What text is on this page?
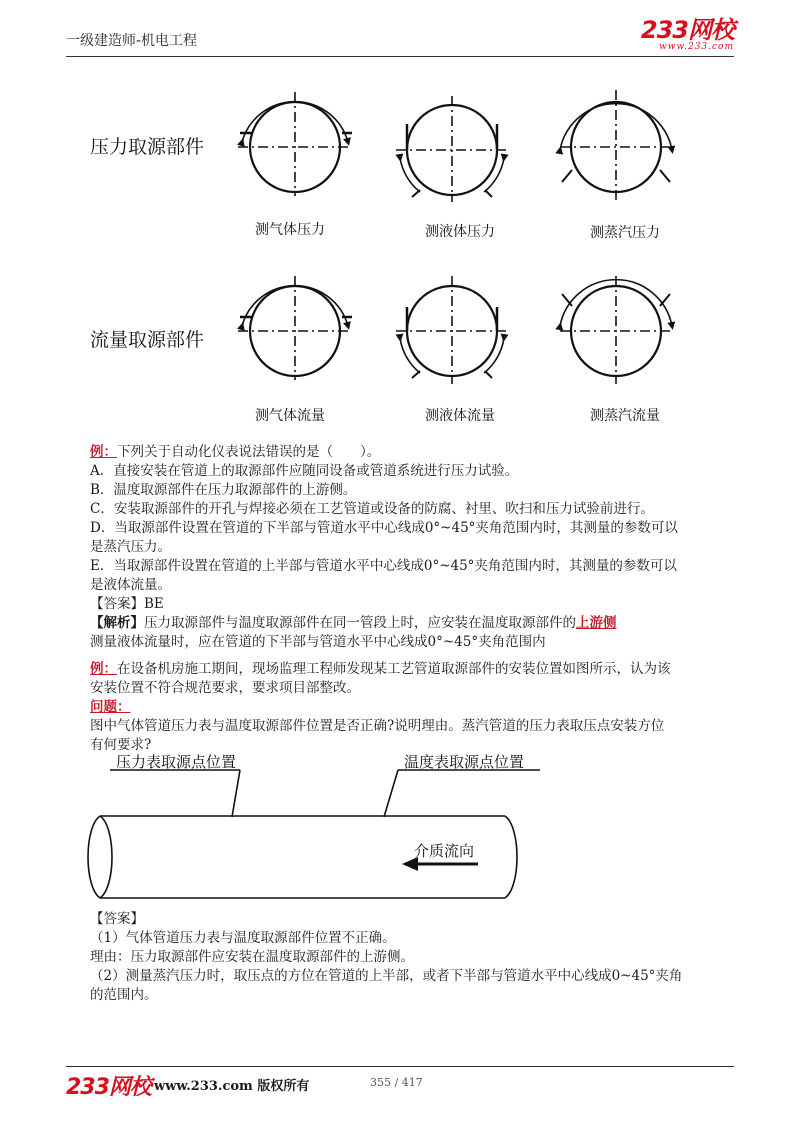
一级建造师-机电工程	233网校
www.233.com
压力取源部件
流量取源部件
测气体压力	测液体压力	测蒸汽压力
测气体流量	测液体流量	测蒸汽流量
例：下列关于自动化仪表说法错误的是（　　）。
A．直接安装在管道上的取源部件应随同设备或管道系统进行压力试验。
B．温度取源部件在压力取源部件的上游侧。
C．安装取源部件的开孔与焊接必须在工艺管道或设备的防腐、衬里、吹扫和压力试验前进行。
D．当取源部件设置在管道的下半部与管道水平中心线成0°~45°夹角范围内时，其测量的参数可以
是蒸汽压力。
E．当取源部件设置在管道的上半部与管道水平中心线成0°~45°夹角范围内时，其测量的参数可以
是液体流量。
【答案】BE
【解析】压力取源部件与温度取源部件在同一管段上时，应安装在温度取源部件的上游侧
测量液体流量时，应在管道的下半部与管道水平中心线成0°~45°夹角范围内
例：在设备机房施工期间，现场监理工程师发现某工艺管道取源部件的安装位置如图所示，认为该
安装位置不符合规范要求，要求项目部整改。
问题：
图中气体管道压力表与温度取源部件位置是否正确?说明理由。蒸汽管道的压力表取压点安装方位
有何要求?
压力表取源点位置	温度表取源点位置
介质流向
【答案】
（1）气体管道压力表与温度取源部件位置不正确。
理由：压力取源部件应安装在温度取源部件的上游侧。
（2）测量蒸汽压力时，取压点的方位在管道的上半部，或者下半部与管道水平中心线成0~45°夹角
的范围内。
233网校 www.233.com 版权所有	355 / 417
